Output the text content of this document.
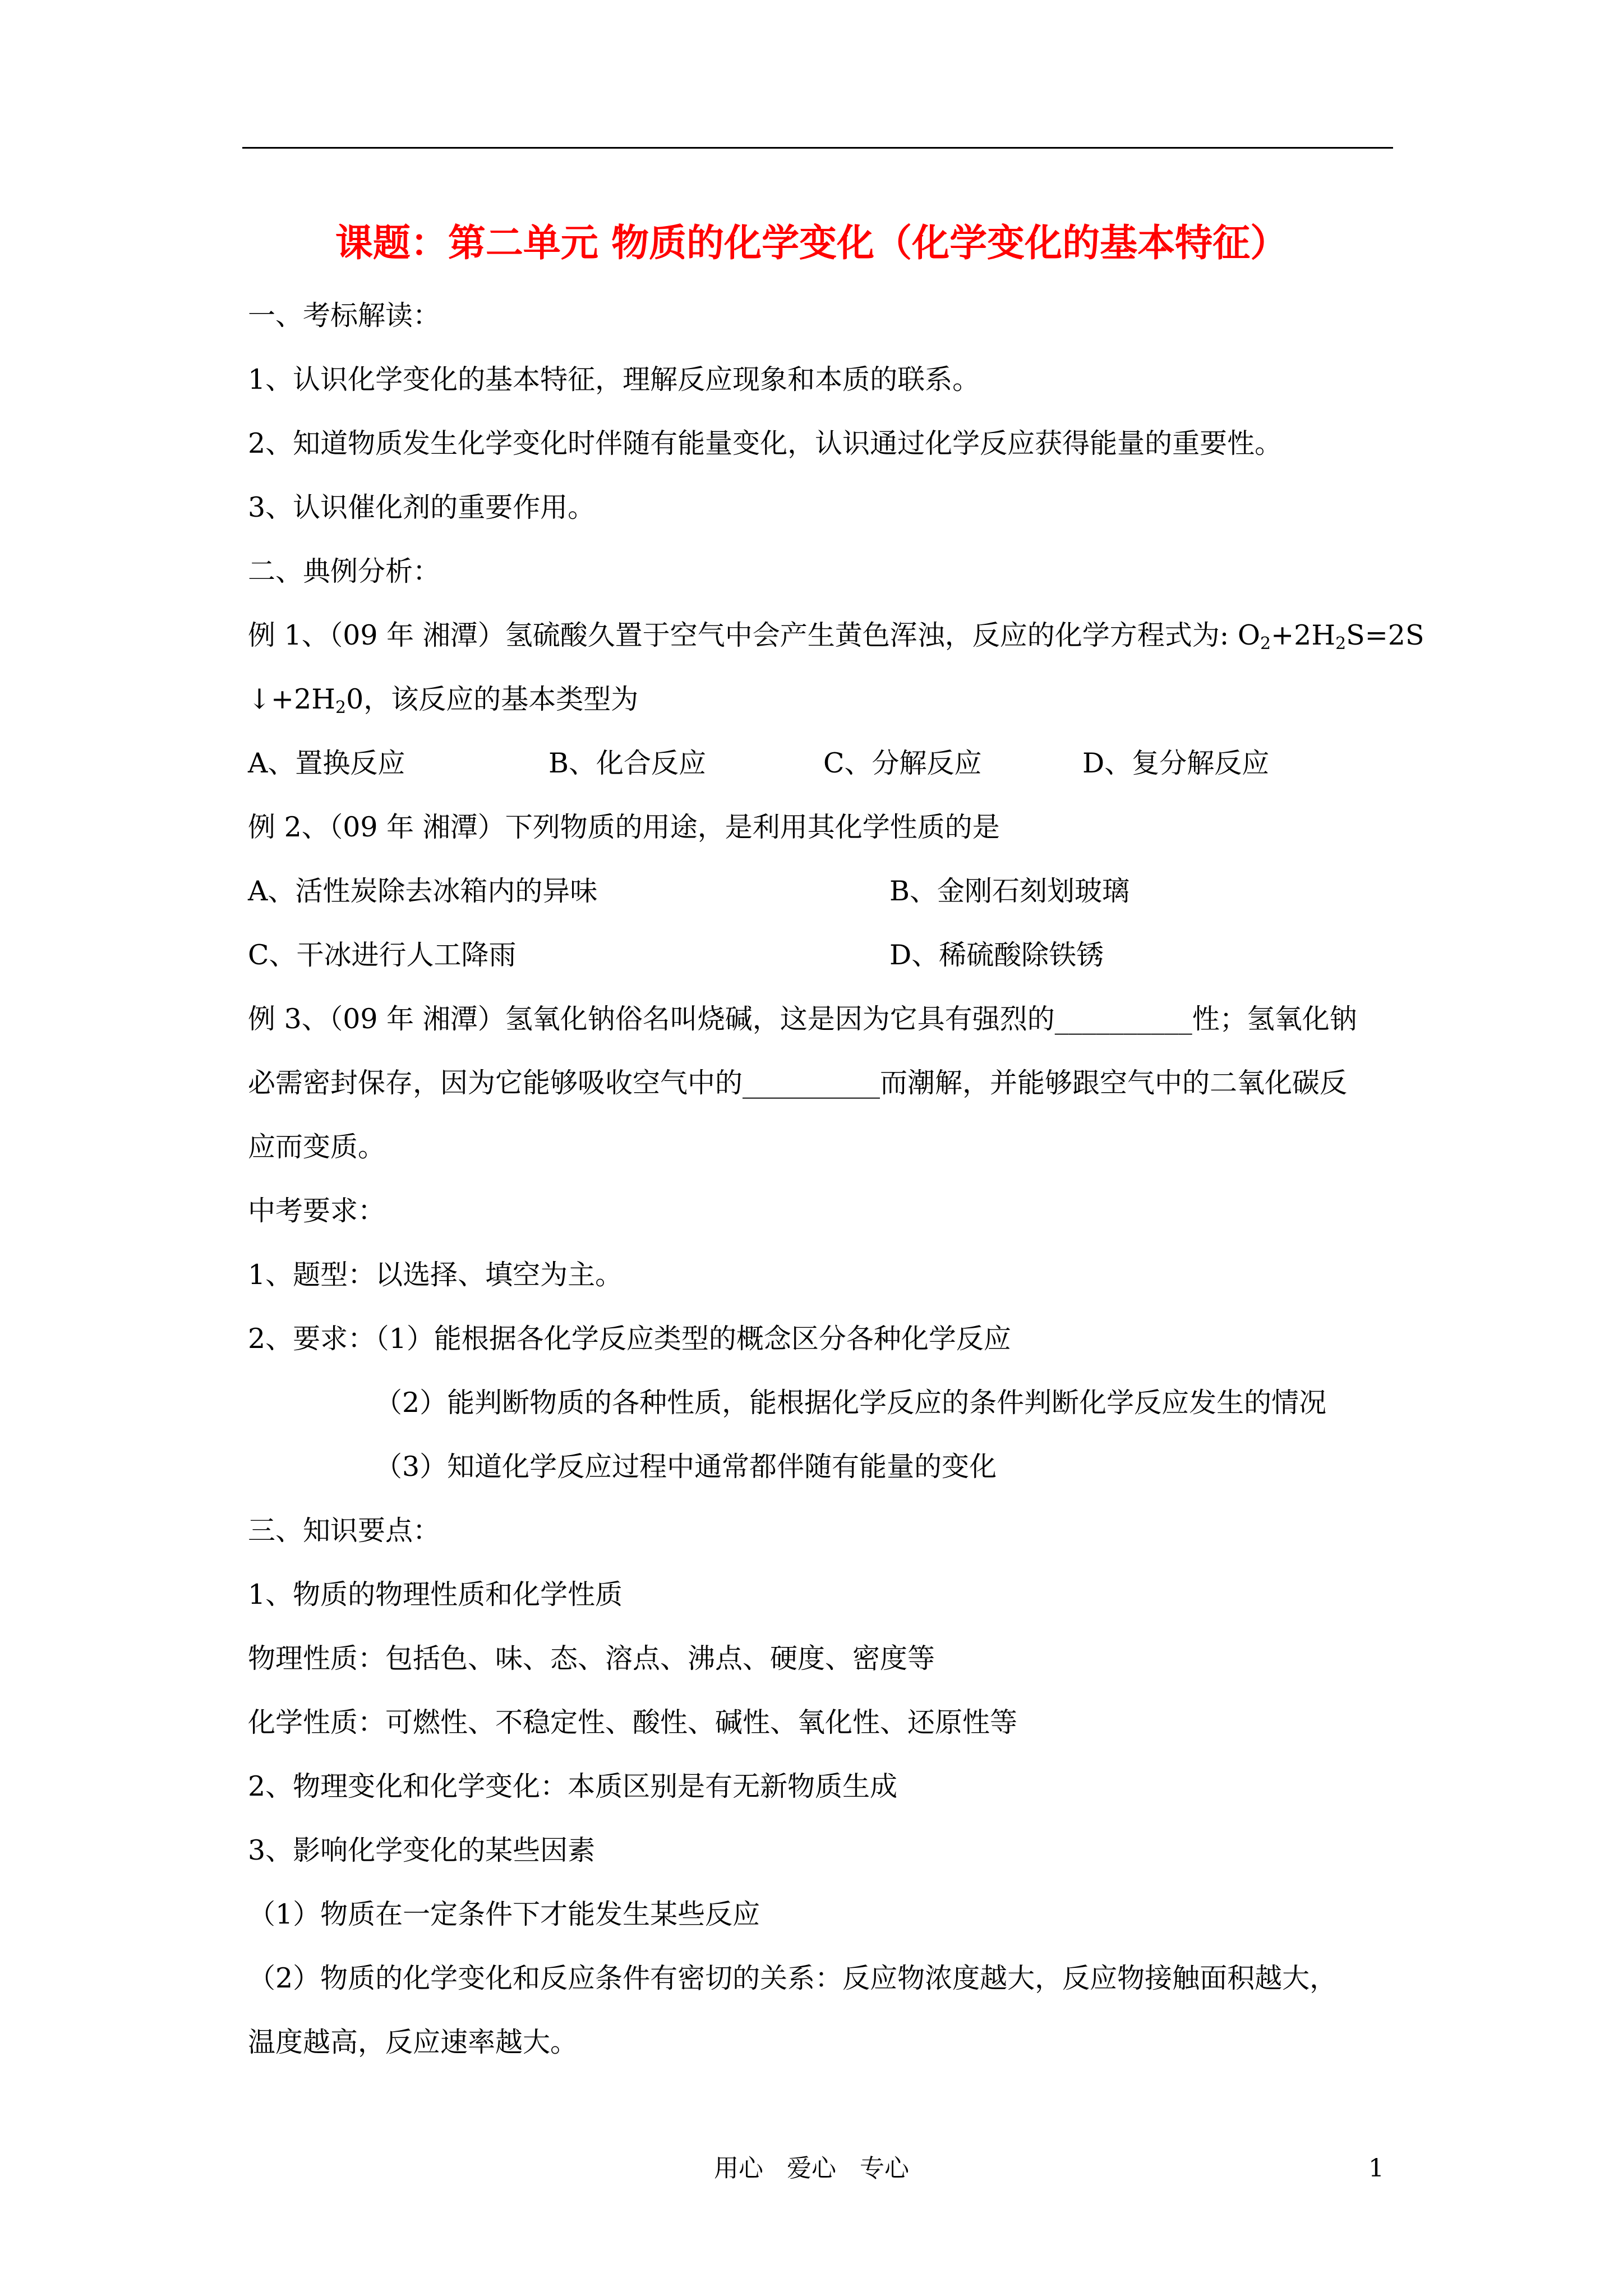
课题：第二单元 物质的化学变化（化学变化的基本特征）
一、考标解读：
1、认识化学变化的基本特征，理解反应现象和本质的联系。
2、知道物质发生化学变化时伴随有能量变化，认识通过化学反应获得能量的重要性。
3、认识催化剂的重要作用。
二、典例分析：
例 1、（09 年 湘潭）氢硫酸久置于空气中会产生黄色浑浊，反应的化学方程式为: $O_2+2H_2S=2S$
$↓+2H_20$，该反应的基本类型为
A、置换反应	B、化合反应	C、分解反应	D、复分解反应
例 2、（09 年 湘潭）下列物质的用途，是利用其化学性质的是
A、活性炭除去冰箱内的异味	B、金刚石刻划玻璃
C、干冰进行人工降雨	D、稀硫酸除铁锈
例 3、（09 年 湘潭）氢氧化钠俗名叫烧碱，这是因为它具有强烈的__________性；氢氧化钠
必需密封保存，因为它能够吸收空气中的__________而潮解，并能够跟空气中的二氧化碳反
应而变质。
中考要求：
1、题型：以选择、填空为主。
2、要求：（1）能根据各化学反应类型的概念区分各种化学反应
（2）能判断物质的各种性质，能根据化学反应的条件判断化学反应发生的情况
（3）知道化学反应过程中通常都伴随有能量的变化
三、知识要点：
1、物质的物理性质和化学性质
物理性质：包括色、味、态、溶点、沸点、硬度、密度等
化学性质：可燃性、不稳定性、酸性、碱性、氧化性、还原性等
2、物理变化和化学变化：本质区别是有无新物质生成
3、影响化学变化的某些因素
（1）物质在一定条件下才能发生某些反应
（2）物质的化学变化和反应条件有密切的关系：反应物浓度越大，反应物接触面积越大，
温度越高，反应速率越大。
用心   爱心   专心	1
